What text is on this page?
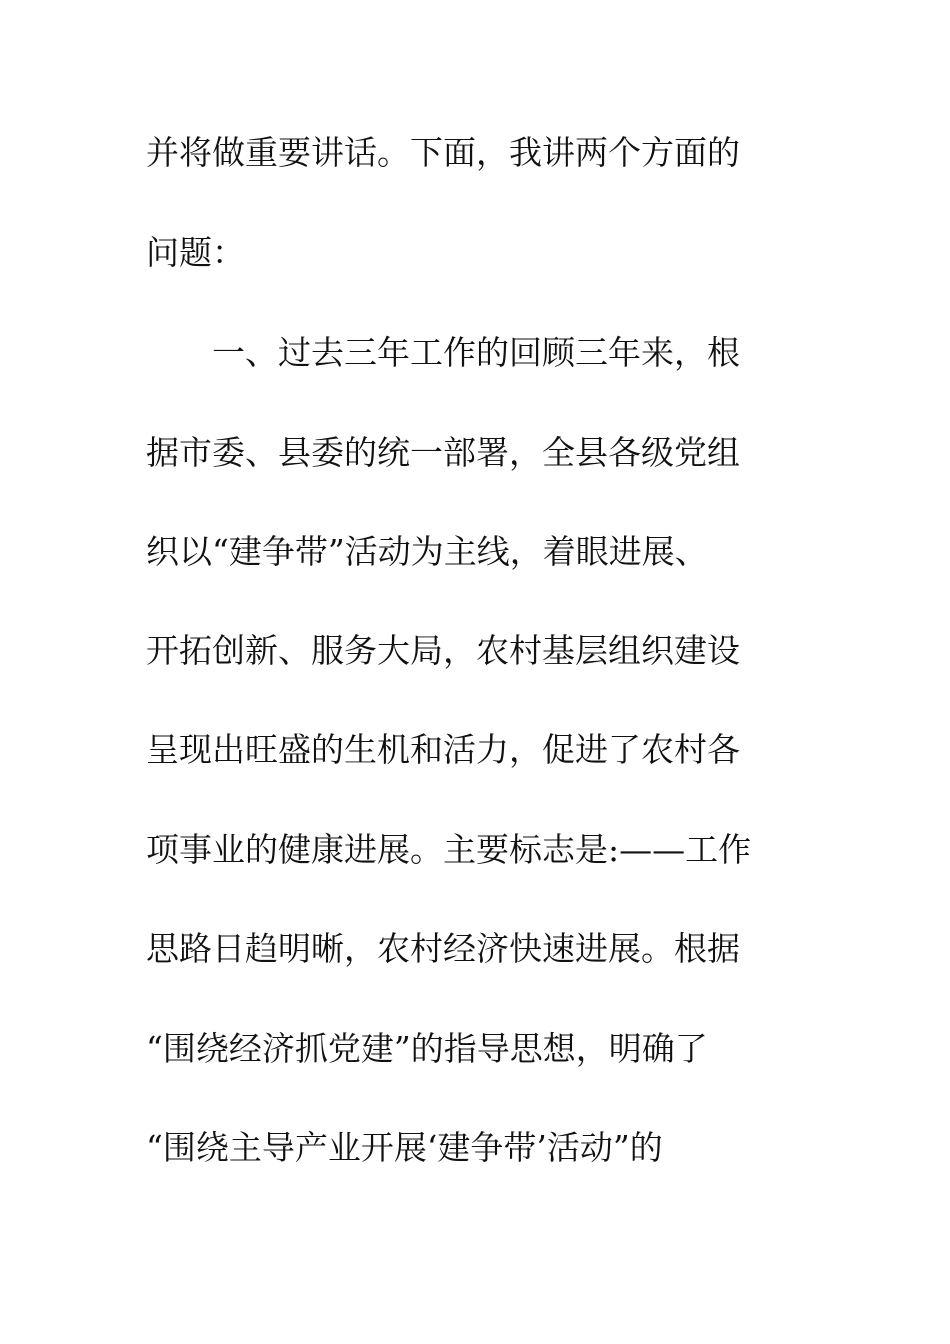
并将做重要讲话。下面，我讲两个方面的
问题：
一、过去三年工作的回顾三年来，根
据市委、县委的统一部署，全县各级党组
织以“建争带”活动为主线，着眼进展、
开拓创新、服务大局，农村基层组织建设
呈现出旺盛的生机和活力，促进了农村各
项事业的健康进展。主要标志是:——工作
思路日趋明晰，农村经济快速进展。根据
“围绕经济抓党建”的指导思想，明确了
“围绕主导产业开展‘建争带’活动”的
